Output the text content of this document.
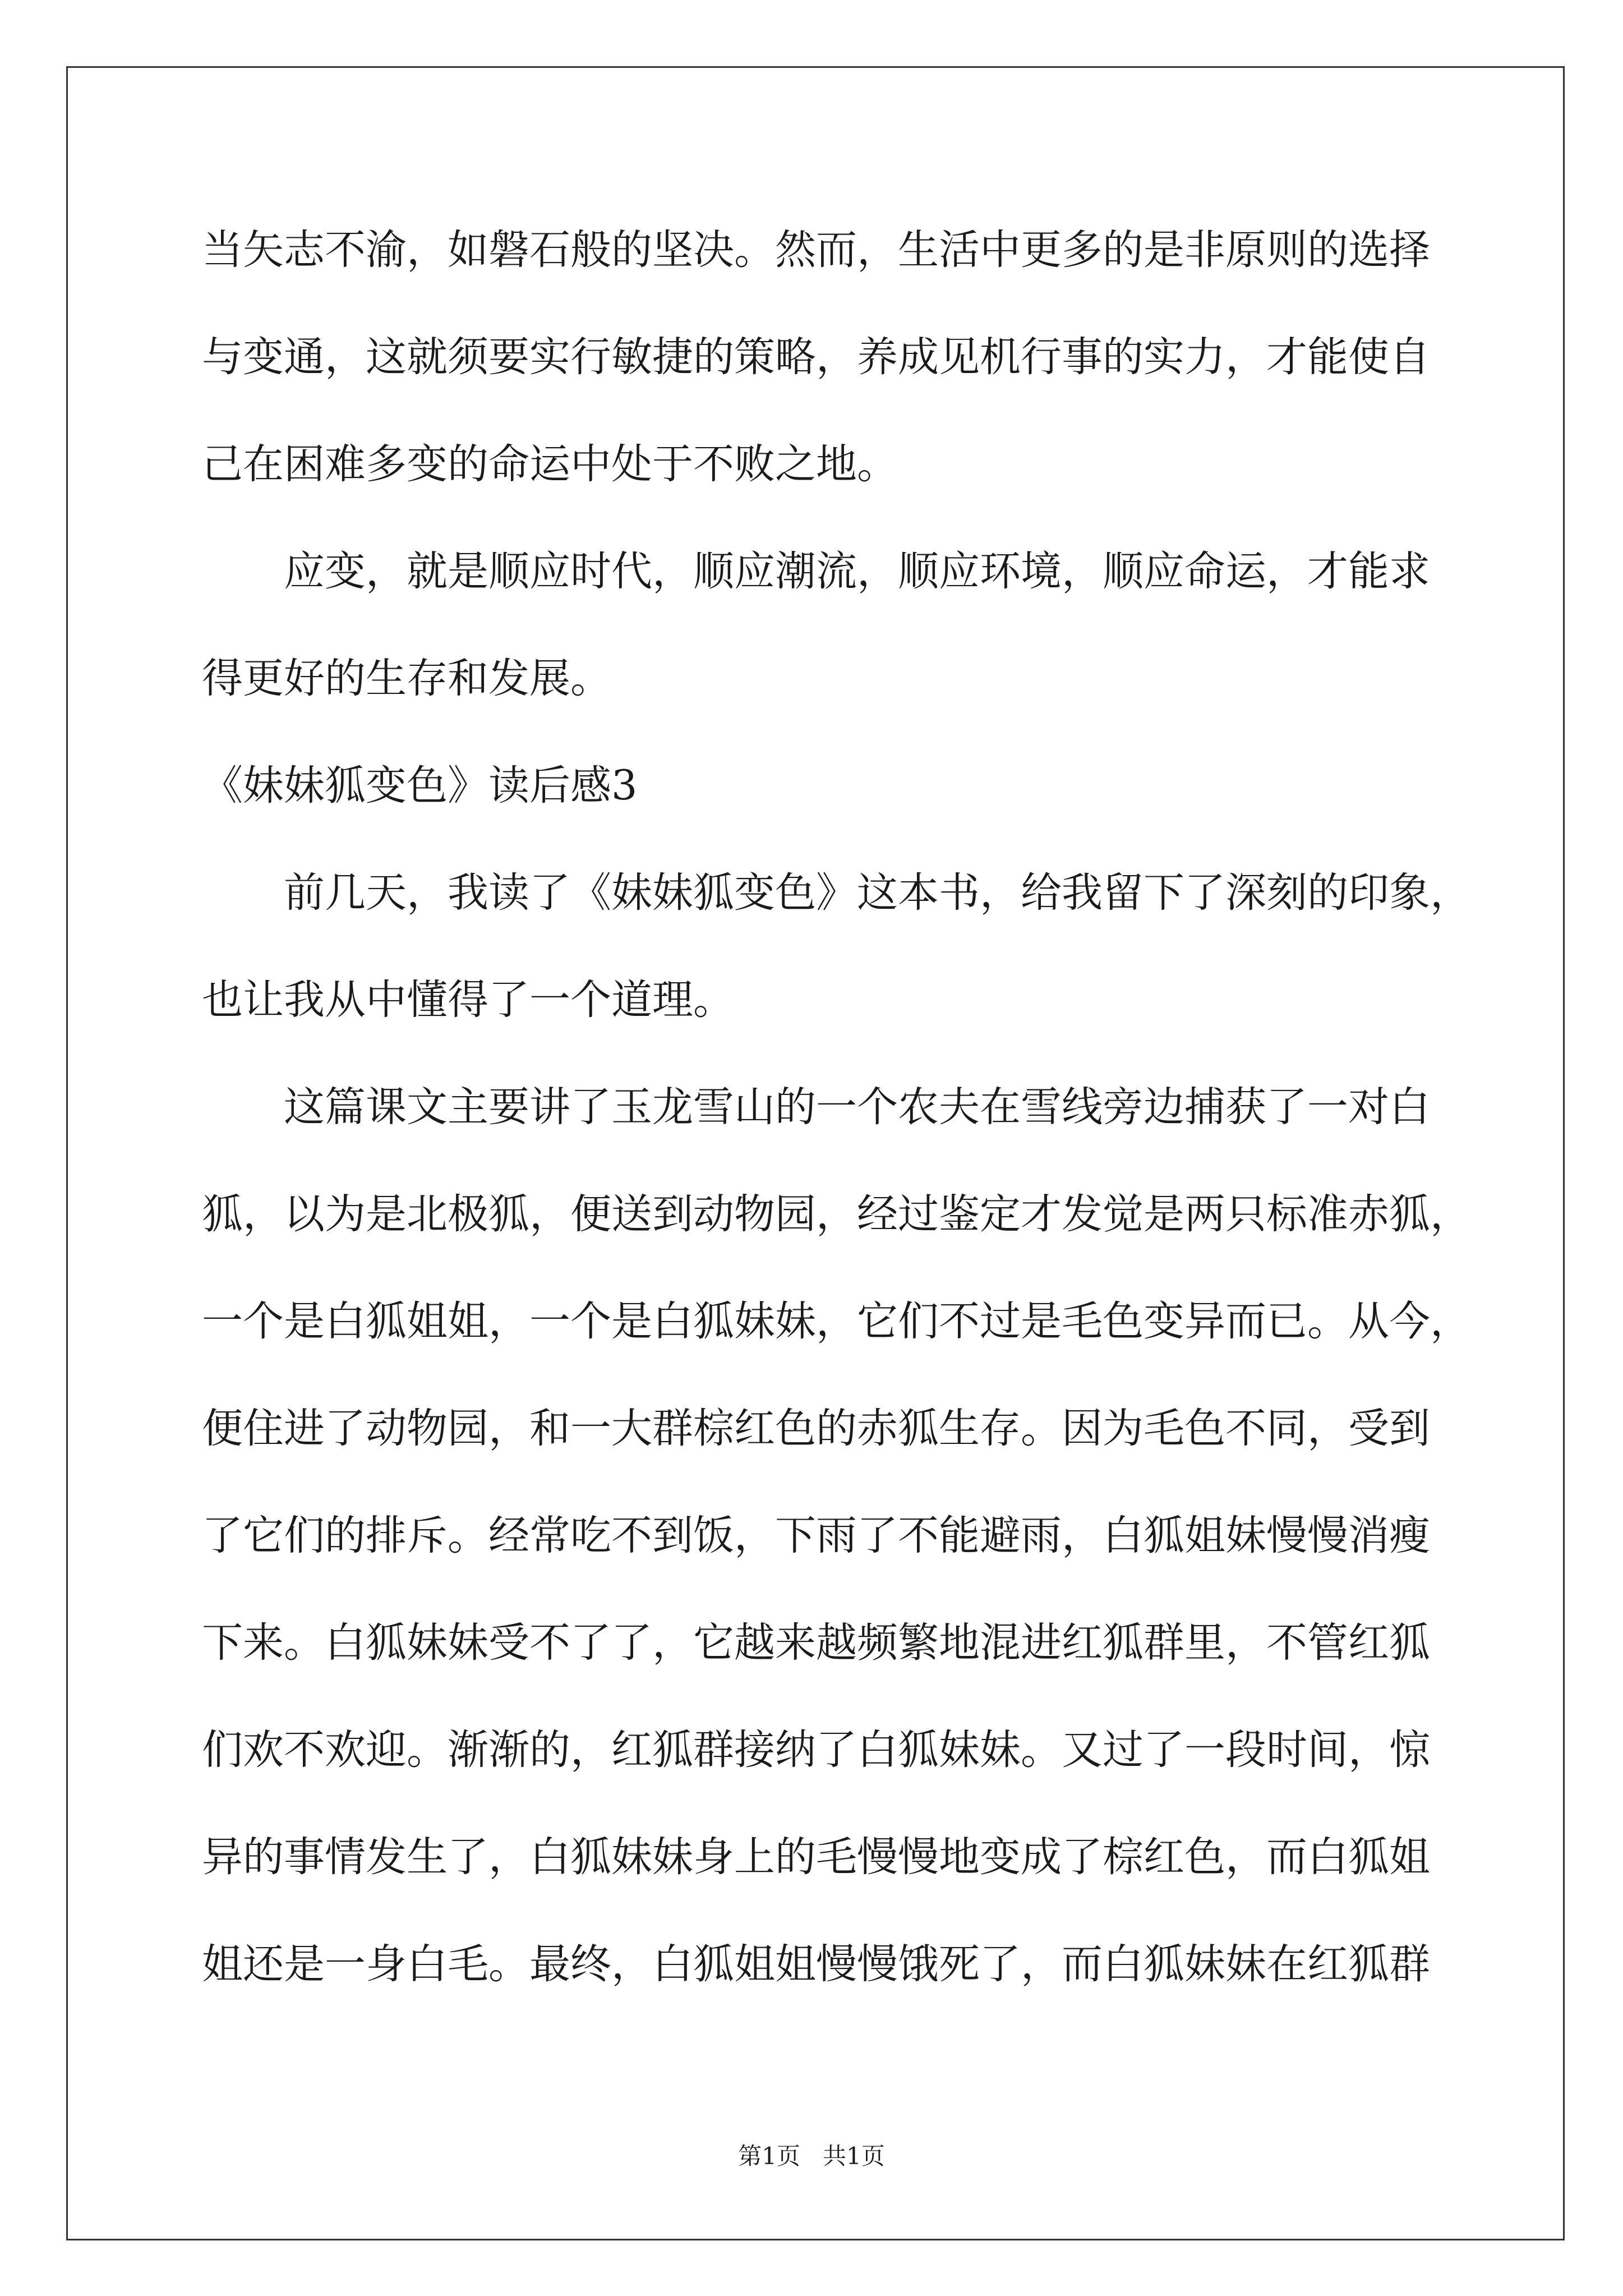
当矢志不渝，如磐石般的坚决。然而，生活中更多的是非原则的选择
与变通，这就须要实行敏捷的策略，养成见机行事的实力，才能使自
己在困难多变的命运中处于不败之地。
应变，就是顺应时代，顺应潮流，顺应环境，顺应命运，才能求
得更好的生存和发展。
《妹妹狐变色》读后感3
前几天，我读了《妹妹狐变色》这本书，给我留下了深刻的印象，
也让我从中懂得了一个道理。
这篇课文主要讲了玉龙雪山的一个农夫在雪线旁边捕获了一对白
狐，以为是北极狐，便送到动物园，经过鉴定才发觉是两只标准赤狐，
一个是白狐姐姐，一个是白狐妹妹，它们不过是毛色变异而已。从今，
便住进了动物园，和一大群棕红色的赤狐生存。因为毛色不同，受到
了它们的排斥。经常吃不到饭，下雨了不能避雨，白狐姐妹慢慢消瘦
下来。白狐妹妹受不了了，它越来越频繁地混进红狐群里，不管红狐
们欢不欢迎。渐渐的，红狐群接纳了白狐妹妹。又过了一段时间，惊
异的事情发生了，白狐妹妹身上的毛慢慢地变成了棕红色，而白狐姐
姐还是一身白毛。最终，白狐姐姐慢慢饿死了，而白狐妹妹在红狐群
第1页 共1页
